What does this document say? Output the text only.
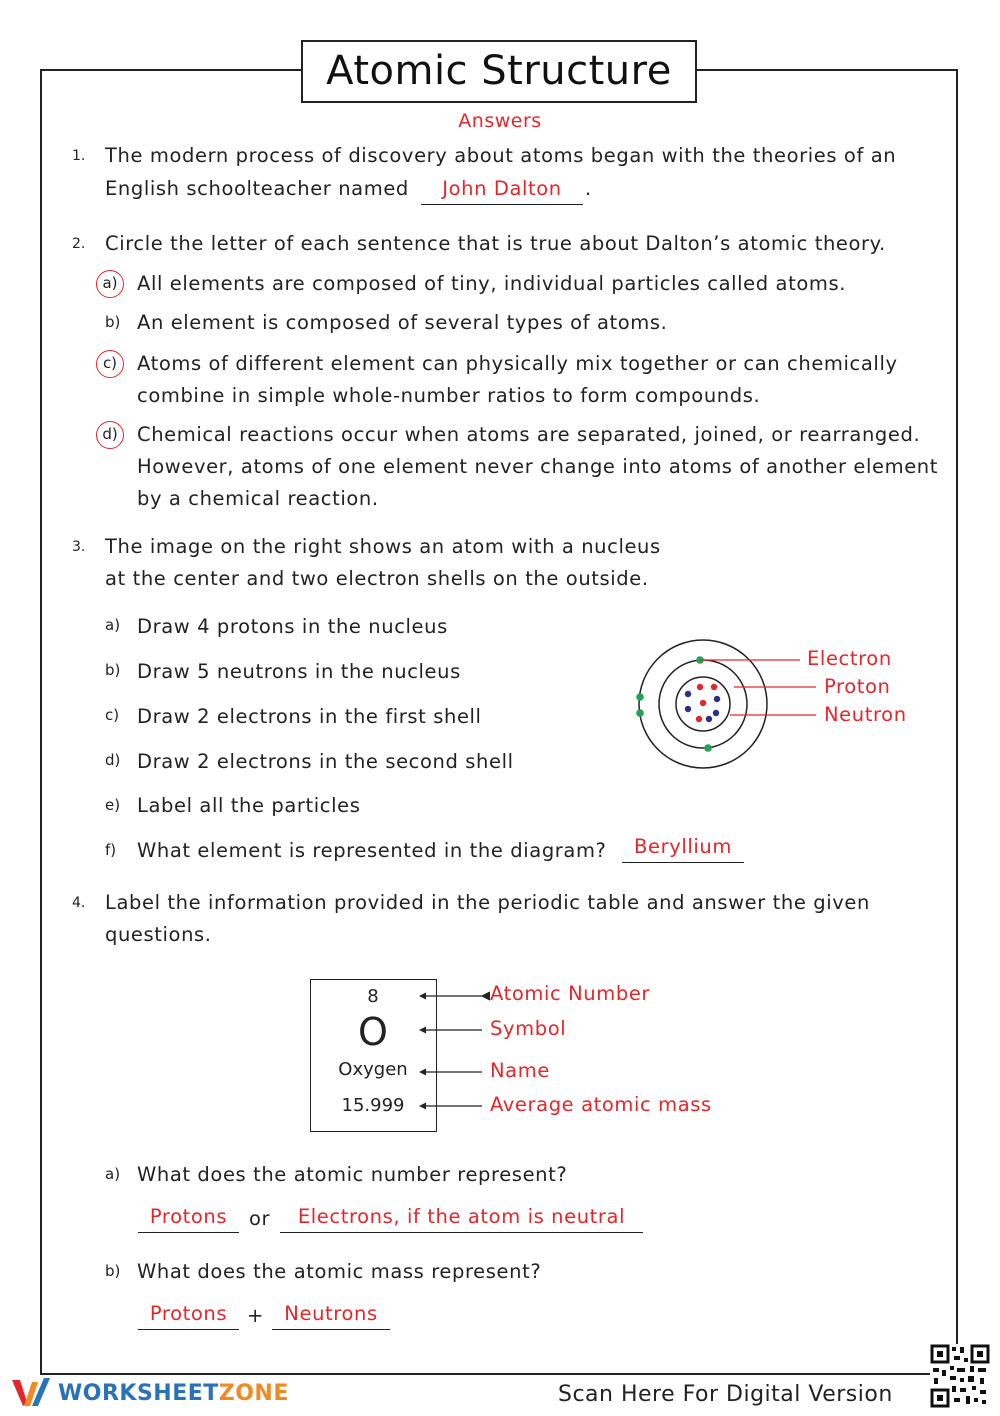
Atomic Structure
Answers
1. The modern process of discovery about atoms began with the theories of an
English schoolteacher named	John Dalton	.
2. Circle the letter of each sentence that is true about Dalton’s atomic theory.
a) All elements are composed of tiny, individual particles called atoms.
b) An element is composed of several types of atoms.
c)	Atoms of different element can physically mix together or can chemically
combine in simple whole-number ratios to form compounds.
d) Chemical reactions occur when atoms are separated, joined, or rearranged.
However, atoms of one element never change into atoms of another element
by a chemical reaction.
3. The image on the right shows an atom with a nucleus
at the center and two electron shells on the outside.
a) Draw 4 protons in the nucleus
b) Draw 5 neutrons in the nucleus
c) Draw 2 electrons in the first shell
d) Draw 2 electrons in the second shell
e) Label all the particles
f) What element is represented in the diagram?	Beryllium
Electron
Proton
Neutron
4. Label the information provided in the periodic table and answer the given
questions.
8
O
Oxygen
15.999
Atomic Number
Symbol
Name
Average atomic mass
a) What does the atomic number represent?
Protons	or	Electrons, if the atom is neutral
b) What does the atomic mass represent?
Protons	+	Neutrons
WORKSHEET ZONE	Scan Here For Digital Version
